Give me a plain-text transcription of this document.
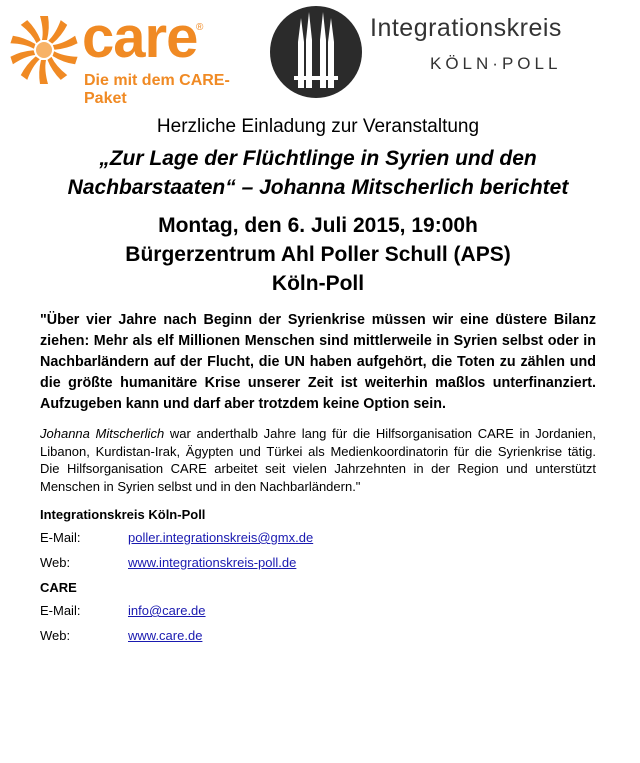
care
®
Die mit dem CARE-Paket
Integrationskreis
KÖLN·POLL
Herzliche Einladung zur Veranstaltung
„Zur Lage der Flüchtlinge in Syrien und den Nachbarstaaten“ – Johanna Mitscherlich berichtet
Montag, den 6. Juli 2015, 19:00h
Bürgerzentrum Ahl Poller Schull (APS)
Köln-Poll
"Über vier Jahre nach Beginn der Syrienkrise müssen wir eine düstere Bilanz ziehen: Mehr als elf Millionen Menschen sind mittlerweile in Syrien selbst oder in Nachbarländern auf der Flucht, die UN haben aufgehört, die Toten zu zählen und die größte humanitäre Krise unserer Zeit ist weiterhin maßlos unterfinanziert. Aufzugeben kann und darf aber trotzdem keine Option sein.
Johanna Mitscherlich war anderthalb Jahre lang für die Hilfsorganisation CARE in Jordanien, Libanon, Kurdistan-Irak, Ägypten und Türkei als Medienkoordinatorin für die Syrienkrise tätig. Die Hilfsorganisation CARE arbeitet seit vielen Jahrzehnten in der Region und unterstützt Menschen in Syrien selbst und in den Nachbarländern."
Integrationskreis Köln-Poll
E-Mail:	poller.integrationskreis@gmx.de
Web:	www.integrationskreis-poll.de
CARE
E-Mail:	info@care.de
Web:	www.care.de
